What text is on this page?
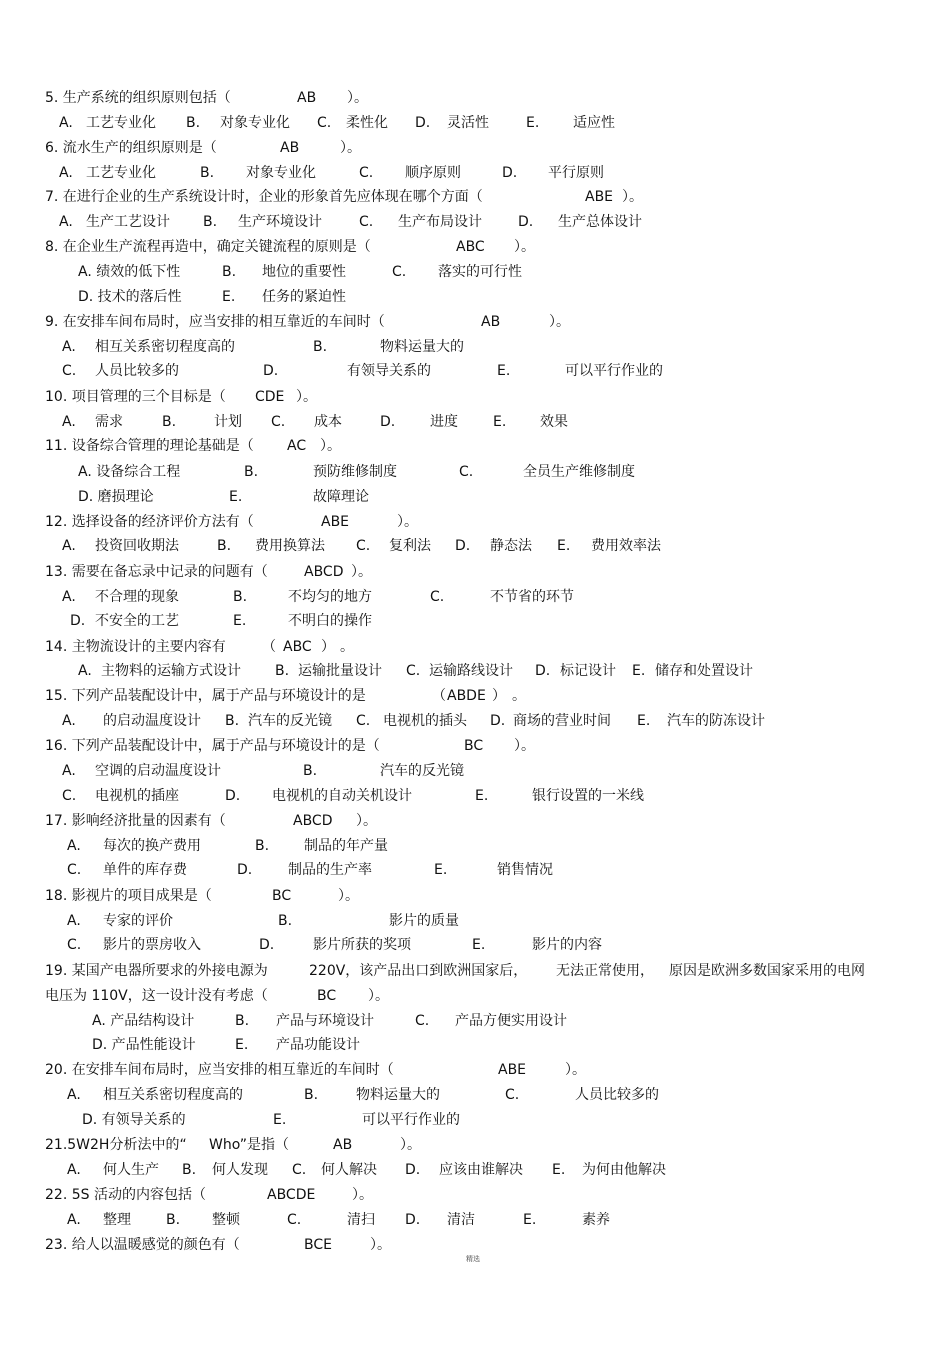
5. 生产系统的组织原则包括（	AB ）。
A. 工艺专业化 B. 对象专业化 C. 柔性化 D. 灵活性	E. 适应性
6. 流水生产的组织原则是（	AB	）。
A. 工艺专业化	B. 对象专业化	C. 顺序原则	D. 平行原则
7. 在进行企业的生产系统设计时，企业的形象首先应体现在哪个方面（	ABE ）。
A. 生产工艺设计 B. 生产环境设计	C. 生产布局设计	D. 生产总体设计
8. 在企业生产流程再造中，确定关键流程的原则是（	ABC ）。
A. 绩效的低下性	B. 地位的重要性	C. 落实的可行性
D. 技术的落后性	E. 任务的紧迫性
9. 在安排车间布局时，应当安排的相互靠近的车间时（	AB	）。
A. 相互关系密切程度高的	B.	物料运量大的
C. 人员比较多的	D.	有领导关系的	E.	可以平行作业的
10. 项目管理的三个目标是（ CDE ）。
A. 需求	B.	计划 C. 成本	D. 进度	E. 效果
11. 设备综合管理的理论基础是（ AC ）。
A. 设备综合工程	B.	预防维修制度	C.	全员生产维修制度
D. 磨损理论	E.	故障理论
12. 选择设备的经济评价方法有（	ABE	）。
A. 投资回收期法	B. 费用换算法 C. 复利法 D. 静态法 E. 费用效率法
13. 需要在备忘录中记录的问题有（	ABCD ）。
A. 不合理的现象	B.	不均匀的地方	C.	不节省的环节
D. 不安全的工艺	E.	不明白的操作
14. 主物流设计的主要内容有	（ ABC ） 。
A. 主物料的运输方式设计 B. 运输批量设计 C. 运输路线设计 D. 标记设计 E. 储存和处置设计
15. 下列产品装配设计中，属于产品与环境设计的是	（ ABDE ） 。
A. 的启动温度设计 B. 汽车的反光镜 C. 电视机的插头 D. 商场的营业时间 E. 汽车的防冻设计
16. 下列产品装配设计中，属于产品与环境设计的是（	BC ）。
A. 空调的启动温度设计	B.	汽车的反光镜
C. 电视机的插座	D. 电视机的自动关机设计	E.	银行设置的一米线
17. 影响经济批量的因素有（	ABCD ）。
A. 每次的换产费用	B. 制品的年产量
C. 单件的库存费	D.	制品的生产率	E.	销售情况
18. 影视片的项目成果是（	BC	）。
A. 专家的评价	B.	影片的质量
C. 影片的票房收入	D.	影片所获的奖项	E.	影片的内容
19. 某国产电器所要求的外接电源为	220V，该产品出口到欧洲国家后， 无法正常使用， 原因是欧洲多数国家采用的电网
电压为 110V，这一设计没有考虑（	BC ）。
A. 产品结构设计	B. 产品与环境设计	C. 产品方便实用设计
D. 产品性能设计	E. 产品功能设计
20. 在安排车间布局时，应当安排的相互靠近的车间时（	ABE	）。
A. 相互关系密切程度高的	B.	物料运量大的	C.	人员比较多的
D. 有领导关系的	E.	可以平行作业的
21.5W2H分析法中的“ Who”是指（	AB	）。
A. 何人生产 B. 何人发现 C. 何人解决 D. 应该由谁解决 E. 为何由他解决
22. 5S 活动的内容包括（	ABCDE	）。
A. 整理	B. 整顿	C.	清扫 D. 清洁	E.	素养
23. 给人以温暖感觉的颜色有（	BCE	）。
精选
